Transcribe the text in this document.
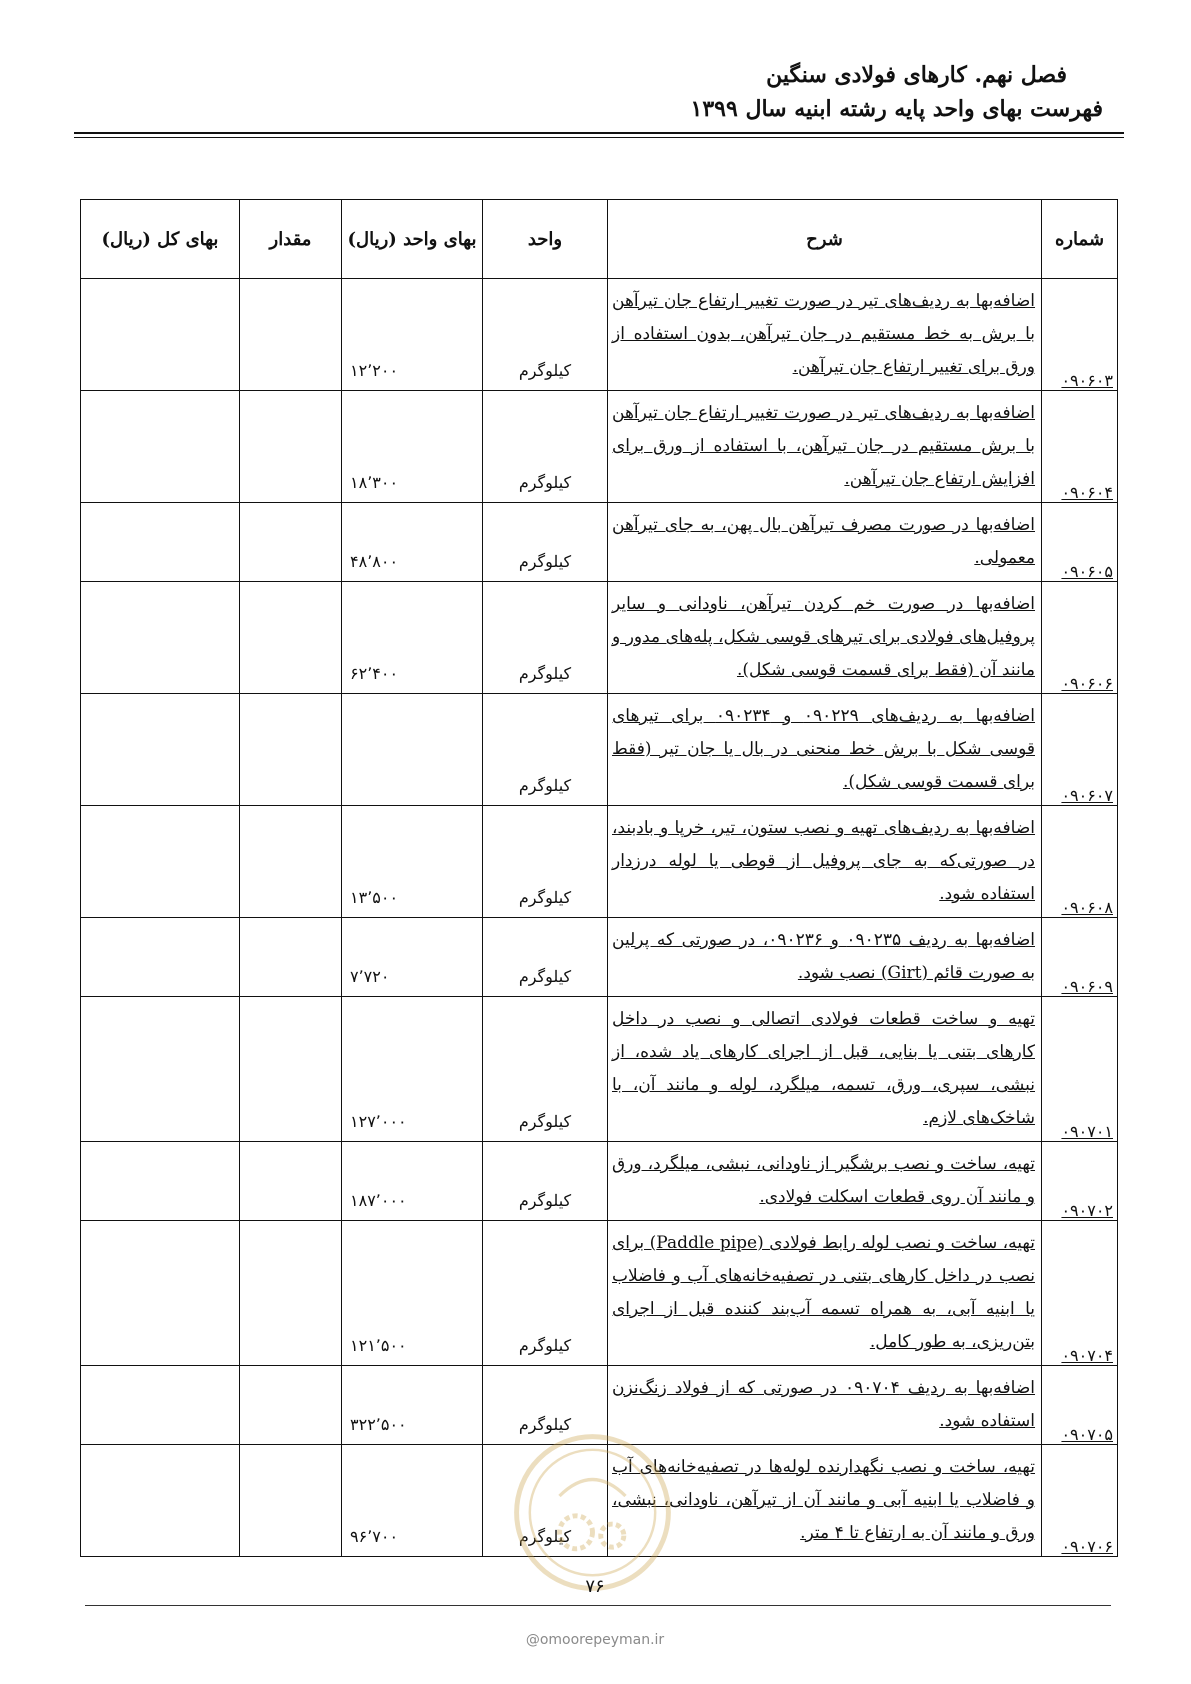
فصل نهم. کارهای فولادی سنگین
فهرست بهای واحد پایه رشته ابنیه سال ۱۳۹۹
شماره	شرح	واحد	بهای واحد (ریال)	مقدار	بهای کل (ریال)
۰۹۰۶۰۳	اضافه‌بها به ردیف‌های تیر در صورت تغییر ارتفاع جان تیرآهن با برش به خط مستقیم در جان تیرآهن، بدون استفاده از ورق برای تغییر ارتفاع جان تیرآهن.	کیلوگرم	۱۲٬۲۰۰		
۰۹۰۶۰۴	اضافه‌بها به ردیف‌های تیر در صورت تغییر ارتفاع جان تیرآهن با برش مستقیم در جان تیرآهن، با استفاده از ورق برای افزایش ارتفاع جان تیرآهن.	کیلوگرم	۱۸٬۳۰۰		
۰۹۰۶۰۵	اضافه‌بها در صورت مصرف تیرآهن بال پهن، به جای تیرآهن معمولی.	کیلوگرم	۴۸٬۸۰۰		
۰۹۰۶۰۶	اضافه‌بها در صورت خم کردن تیرآهن، ناودانی و سایر پروفیل‌های فولادی برای تیرهای قوسی شکل، پله‌های مدور و مانند آن (فقط برای قسمت قوسی شکل).	کیلوگرم	۶۲٬۴۰۰		
۰۹۰۶۰۷	اضافه‌بها به ردیف‌های ۰۹۰۲۲۹ و ۰۹۰۲۳۴ برای تیرهای قوسی شکل با برش خط منحنی در بال یا جان تیر (فقط برای قسمت قوسی شکل).	کیلوگرم			
۰۹۰۶۰۸	اضافه‌بها به ردیف‌های تهیه و نصب ستون، تیر، خرپا و بادبند، در صورتی‌که به جای پروفیل از قوطی یا لوله درزدار استفاده شود.	کیلوگرم	۱۳٬۵۰۰		
۰۹۰۶۰۹	اضافه‌بها به ردیف ۰۹۰۲۳۵ و ۰۹۰۲۳۶، در صورتی که پرلین به صورت قائم (Girt) نصب شود.	کیلوگرم	۷٬۷۲۰		
۰۹۰۷۰۱	تهیه و ساخت قطعات فولادی اتصالی و نصب در داخل کارهای بتنی یا بنایی، قبل از اجرای کارهای یاد شده، از نبشی، سپری، ورق، تسمه، میلگرد، لوله و مانند آن، با شاخک‌های لازم.	کیلوگرم	۱۲۷٬۰۰۰		
۰۹۰۷۰۲	تهیه، ساخت و نصب برشگیر از ناودانی، نبشی، میلگرد، ورق و مانند آن روی قطعات اسکلت فولادی.	کیلوگرم	۱۸۷٬۰۰۰		
۰۹۰۷۰۴	تهیه، ساخت و نصب لوله رابط فولادی (Paddle pipe) برای نصب در داخل کارهای بتنی در تصفیه‌خانه‌های آب و فاضلاب یا ابنیه آبی، به همراه تسمه آب‌بند کننده قبل از اجرای بتن‌ریزی، به طور کامل.	کیلوگرم	۱۲۱٬۵۰۰		
۰۹۰۷۰۵	اضافه‌بها به ردیف ۰۹۰۷۰۴ در صورتی که از فولاد زنگ‌نزن استفاده شود.	کیلوگرم	۳۲۲٬۵۰۰		
۰۹۰۷۰۶	تهیه، ساخت و نصب نگهدارنده لوله‌ها در تصفیه‌خانه‌های آب و فاضلاب یا ابنیه آبی و مانند آن از تیرآهن، ناودانی، نبشی، ورق و مانند آن به ارتفاع تا ۴ متر.	کیلوگرم	۹۶٬۷۰۰		
۷۶
@omoorepeyman.ir
